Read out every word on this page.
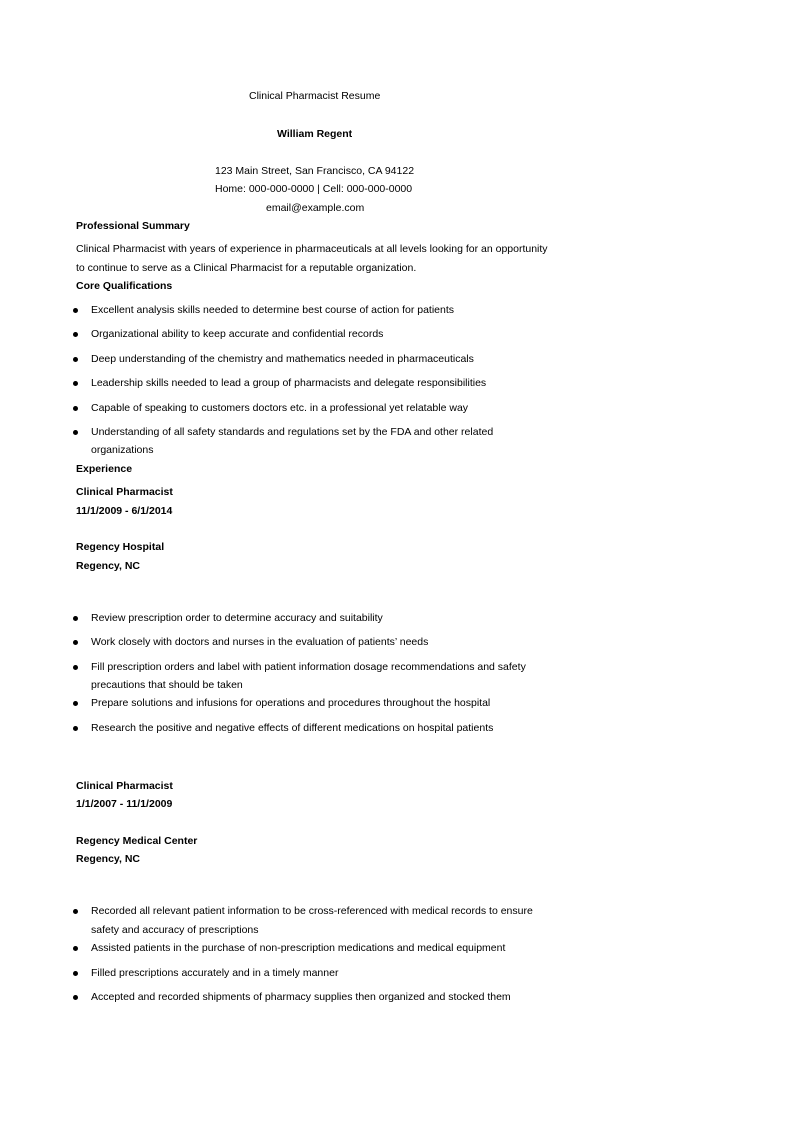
Clinical Pharmacist Resume
William Regent
123 Main Street, San Francisco, CA 94122
Home: 000-000-0000 | Cell: 000-000-0000
email@example.com
Professional Summary
Clinical Pharmacist with years of experience in pharmaceuticals at all levels looking for an opportunity
to continue to serve as a Clinical Pharmacist for a reputable organization.
Core Qualifications
Excellent analysis skills needed to determine best course of action for patients
Organizational ability to keep accurate and confidential records
Deep understanding of the chemistry and mathematics needed in pharmaceuticals
Leadership skills needed to lead a group of pharmacists and delegate responsibilities
Capable of speaking to customers doctors etc. in a professional yet relatable way
Understanding of all safety standards and regulations set by the FDA and other related
organizations
Experience
Clinical Pharmacist
11/1/2009 - 6/1/2014
Regency Hospital
Regency, NC
Review prescription order to determine accuracy and suitability
Work closely with doctors and nurses in the evaluation of patients’ needs
Fill prescription orders and label with patient information dosage recommendations and safety
precautions that should be taken
Prepare solutions and infusions for operations and procedures throughout the hospital
Research the positive and negative effects of different medications on hospital patients
Clinical Pharmacist
1/1/2007 - 11/1/2009
Regency Medical Center
Regency, NC
Recorded all relevant patient information to be cross-referenced with medical records to ensure
safety and accuracy of prescriptions
Assisted patients in the purchase of non-prescription medications and medical equipment
Filled prescriptions accurately and in a timely manner
Accepted and recorded shipments of pharmacy supplies then organized and stocked them
